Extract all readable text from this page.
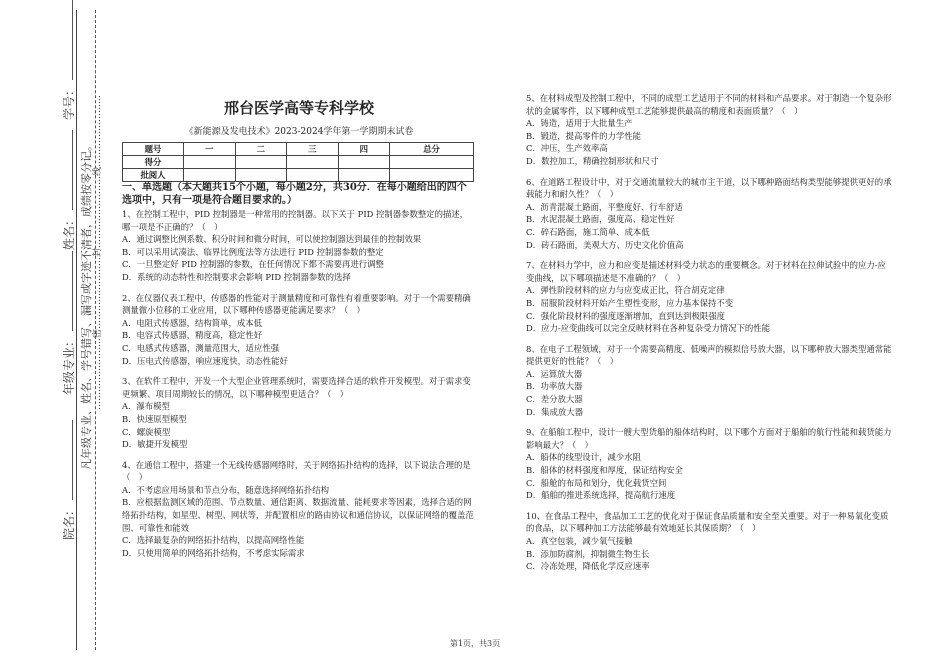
学号：
姓名：
年级专业：
院名：
凡年级专业、姓名、学号错写、漏写或字迹不清者，成绩按零分记。 ……………………密……………………封……………………线……………………	邢台医学高等专科学校
《新能源及发电技术》2023-2024学年第一学期期末试卷
题号	一	二	三	四	总分
得分					
批阅人					
一、单选题（本大题共15个小题，每小题2分，共30分．在每小题给出的四个选项中，只有一项是符合题目要求的。）
1、在控制工程中，PID 控制器是一种常用的控制器。以下关于 PID 控制器参数整定的描述，哪一项是不正确的？（　）
A．通过调整比例系数、积分时间和微分时间，可以使控制器达到最佳的控制效果
B．可以采用试凑法、临界比例度法等方法进行 PID 控制器参数的整定
C．一旦整定好 PID 控制器的参数，在任何情况下都不需要再进行调整
D．系统的动态特性和控制要求会影响 PID 控制器参数的选择
2、在仪器仪表工程中，传感器的性能对于测量精度和可靠性有着重要影响。对于一个需要精确测量微小位移的工业应用，以下哪种传感器更能满足要求？（　）
A．电阻式传感器，结构简单，成本低
B．电容式传感器，精度高，稳定性好
C．电感式传感器，测量范围大，适应性强
D．压电式传感器，响应速度快，动态性能好
3、在软件工程中，开发一个大型企业管理系统时，需要选择合适的软件开发模型。对于需求变更频繁、项目周期较长的情况，以下哪种模型更适合？（　）
A．瀑布模型
B．快速原型模型
C．螺旋模型
D．敏捷开发模型
4、在通信工程中，搭建一个无线传感器网络时，关于网络拓扑结构的选择，以下说法合理的是（　）
A．不考虑应用场景和节点分布，随意选择网络拓扑结构
B．应根据监测区域的范围、节点数量、通信距离、数据流量、能耗要求等因素，选择合适的网络拓扑结构，如星型、树型、网状等，并配置相应的路由协议和通信协议，以保证网络的覆盖范围、可靠性和能效
C．选择最复杂的网络拓扑结构，以提高网络性能
D．只使用简单的网络拓扑结构，不考虑实际需求
5、在材料成型及控制工程中，不同的成型工艺适用于不同的材料和产品要求。对于制造一个复杂形状的金属零件，以下哪种成型工艺能够提供最高的精度和表面质量？（　）
A．铸造，适用于大批量生产
B．锻造，提高零件的力学性能
C．冲压，生产效率高
D．数控加工，精确控制形状和尺寸
6、在道路工程设计中，对于交通流量较大的城市主干道，以下哪种路面结构类型能够提供更好的承载能力和耐久性？（　）
A．沥青混凝土路面，平整度好、行车舒适
B．水泥混凝土路面，强度高、稳定性好
C．碎石路面，施工简单、成本低
D．砖石路面，美观大方、历史文化价值高
7、在材料力学中，应力和应变是描述材料受力状态的重要概念。对于材料在拉伸试验中的应力-应变曲线，以下哪项描述是不准确的？（　）
A．弹性阶段材料的应力与应变成正比，符合胡克定律
B．屈服阶段材料开始产生塑性变形，应力基本保持不变
C．强化阶段材料的强度逐渐增加，直到达到极限强度
D．应力-应变曲线可以完全反映材料在各种复杂受力情况下的性能
8、在电子工程领域，对于一个需要高精度、低噪声的模拟信号放大器，以下哪种放大器类型通常能提供更好的性能？（　）
A．运算放大器
B．功率放大器
C．差分放大器
D．集成放大器
9、在船舶工程中，设计一艘大型货船的船体结构时，以下哪个方面对于船舶的航行性能和载货能力影响最大？（　）
A．船体的线型设计，减少水阻
B．船体的材料强度和厚度，保证结构安全
C．船舱的布局和划分，优化载货空间
D．船舶的推进系统选择，提高航行速度
10、在食品工程中，食品加工工艺的优化对于保证食品质量和安全至关重要。对于一种易氧化变质的食品，以下哪种加工方法能够最有效地延长其保质期？（　）
A．真空包装，减少氧气接触
B．添加防腐剂，抑制微生物生长
C．冷冻处理，降低化学反应速率
第1页，共3页
